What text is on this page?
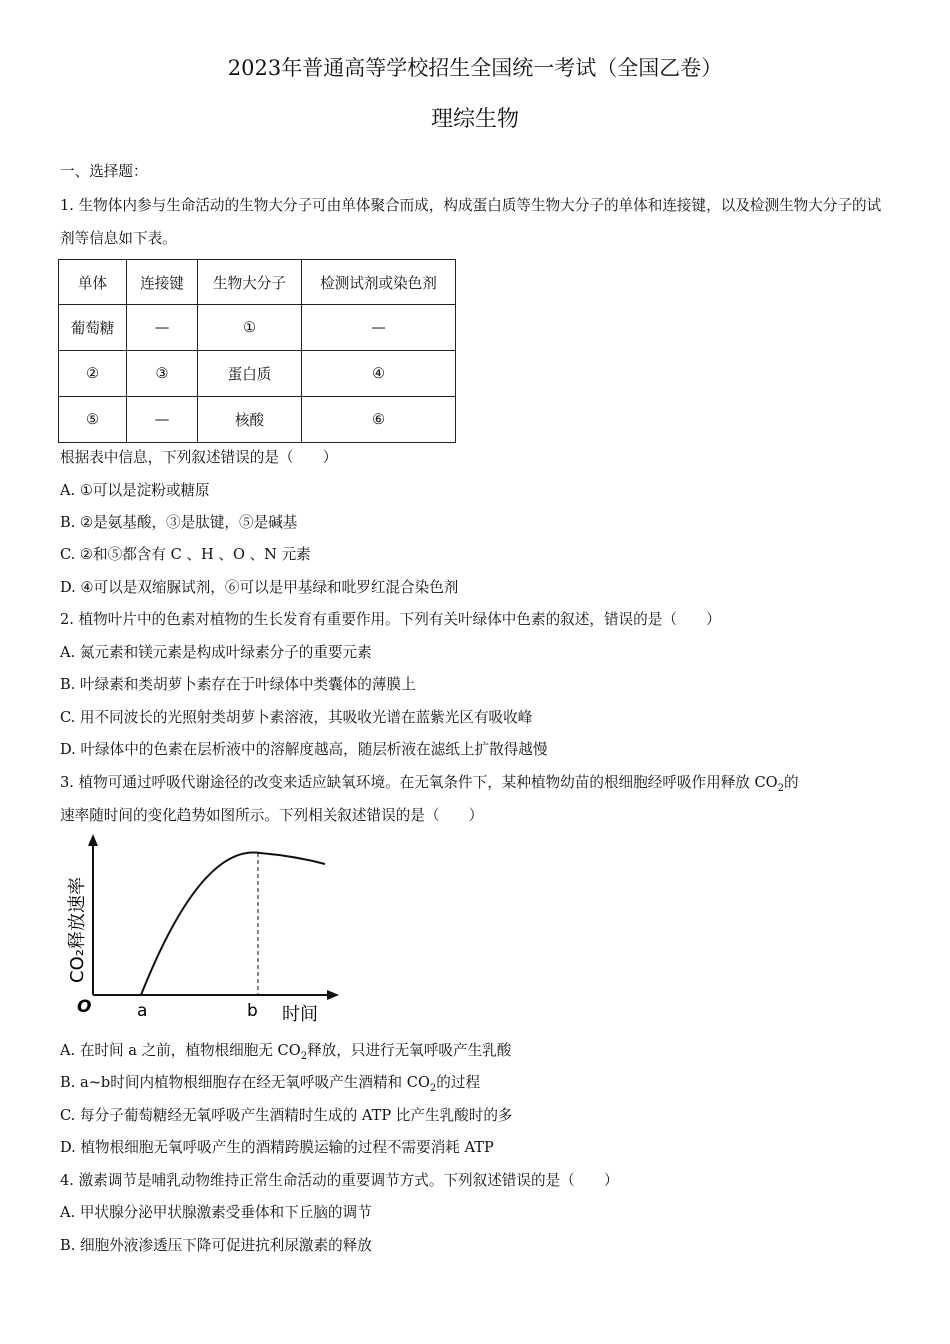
2023年普通高等学校招生全国统一考试（全国乙卷）
理综生物
一、选择题：
1. 生物体内参与生命活动的生物大分子可由单体聚合而成，构成蛋白质等生物大分子的单体和连接键，以及检测生物大分子的试剂等信息如下表。
单体	连接键	生物大分子	检测试剂或染色剂
葡萄糖	—	①	—
②	③	蛋白质	④
⑤	—	核酸	⑥
根据表中信息，下列叙述错误的是（　　）
A. ①可以是淀粉或糖原
B. ②是氨基酸，③是肽键，⑤是碱基
C. ②和⑤都含有 C 、H 、O 、N 元素
D. ④可以是双缩脲试剂，⑥可以是甲基绿和吡罗红混合染色剂
2. 植物叶片中的色素对植物的生长发育有重要作用。下列有关叶绿体中色素的叙述，错误的是（　　）
A. 氮元素和镁元素是构成叶绿素分子的重要元素
B. 叶绿素和类胡萝卜素存在于叶绿体中类囊体的薄膜上
C. 用不同波长的光照射类胡萝卜素溶液，其吸收光谱在蓝紫光区有吸收峰
D. 叶绿体中的色素在层析液中的溶解度越高，随层析液在滤纸上扩散得越慢
3. 植物可通过呼吸代谢途径的改变来适应缺氧环境。在无氧条件下，某种植物幼苗的根细胞经呼吸作用释放 $CO_2$的
速率随时间的变化趋势如图所示。下列相关叙述错误的是（　　）
CO₂释放速率
O	a	b 时间
A. 在时间 a 之前，植物根细胞无 $CO_2$释放，只进行无氧呼吸产生乳酸
B. a~b时间内植物根细胞存在经无氧呼吸产生酒精和 $CO_2$的过程
C. 每分子葡萄糖经无氧呼吸产生酒精时生成的 ATP 比产生乳酸时的多
D. 植物根细胞无氧呼吸产生的酒精跨膜运输的过程不需要消耗 ATP
4. 激素调节是哺乳动物维持正常生命活动的重要调节方式。下列叙述错误的是（　　）
A. 甲状腺分泌甲状腺激素受垂体和下丘脑的调节
B. 细胞外液渗透压下降可促进抗利尿激素的释放
